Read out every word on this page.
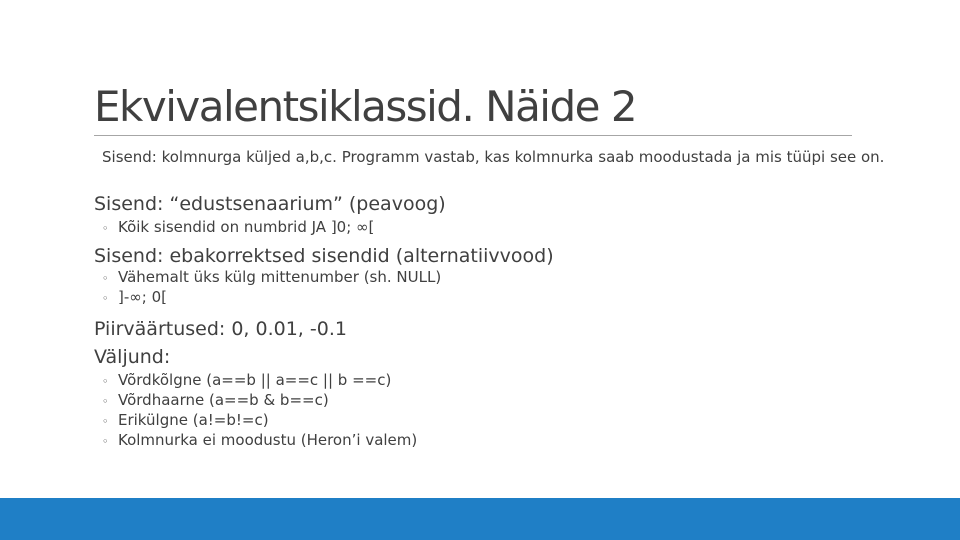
Ekvivalentsiklassid. Näide 2
Sisend: kolmnurga küljed a,b,c. Programm vastab, kas kolmnurka saab moodustada ja mis tüüpi see on.
Sisend: “edustsenaarium” (peavoog)
◦ Kõik sisendid on numbrid JA ]0; ∞[
Sisend: ebakorrektsed sisendid (alternatiivvood)
◦ Vähemalt üks külg mittenumber (sh. NULL)
◦ ]-∞; 0[
Piirväärtused: 0, 0.01, -0.1
Väljund:
◦ Võrdkõlgne (a==b || a==c || b ==c)
◦ Võrdhaarne (a==b & b==c)
◦ Erikülgne (a!=b!=c)
◦ Kolmnurka ei moodustu (Heron’i valem)
